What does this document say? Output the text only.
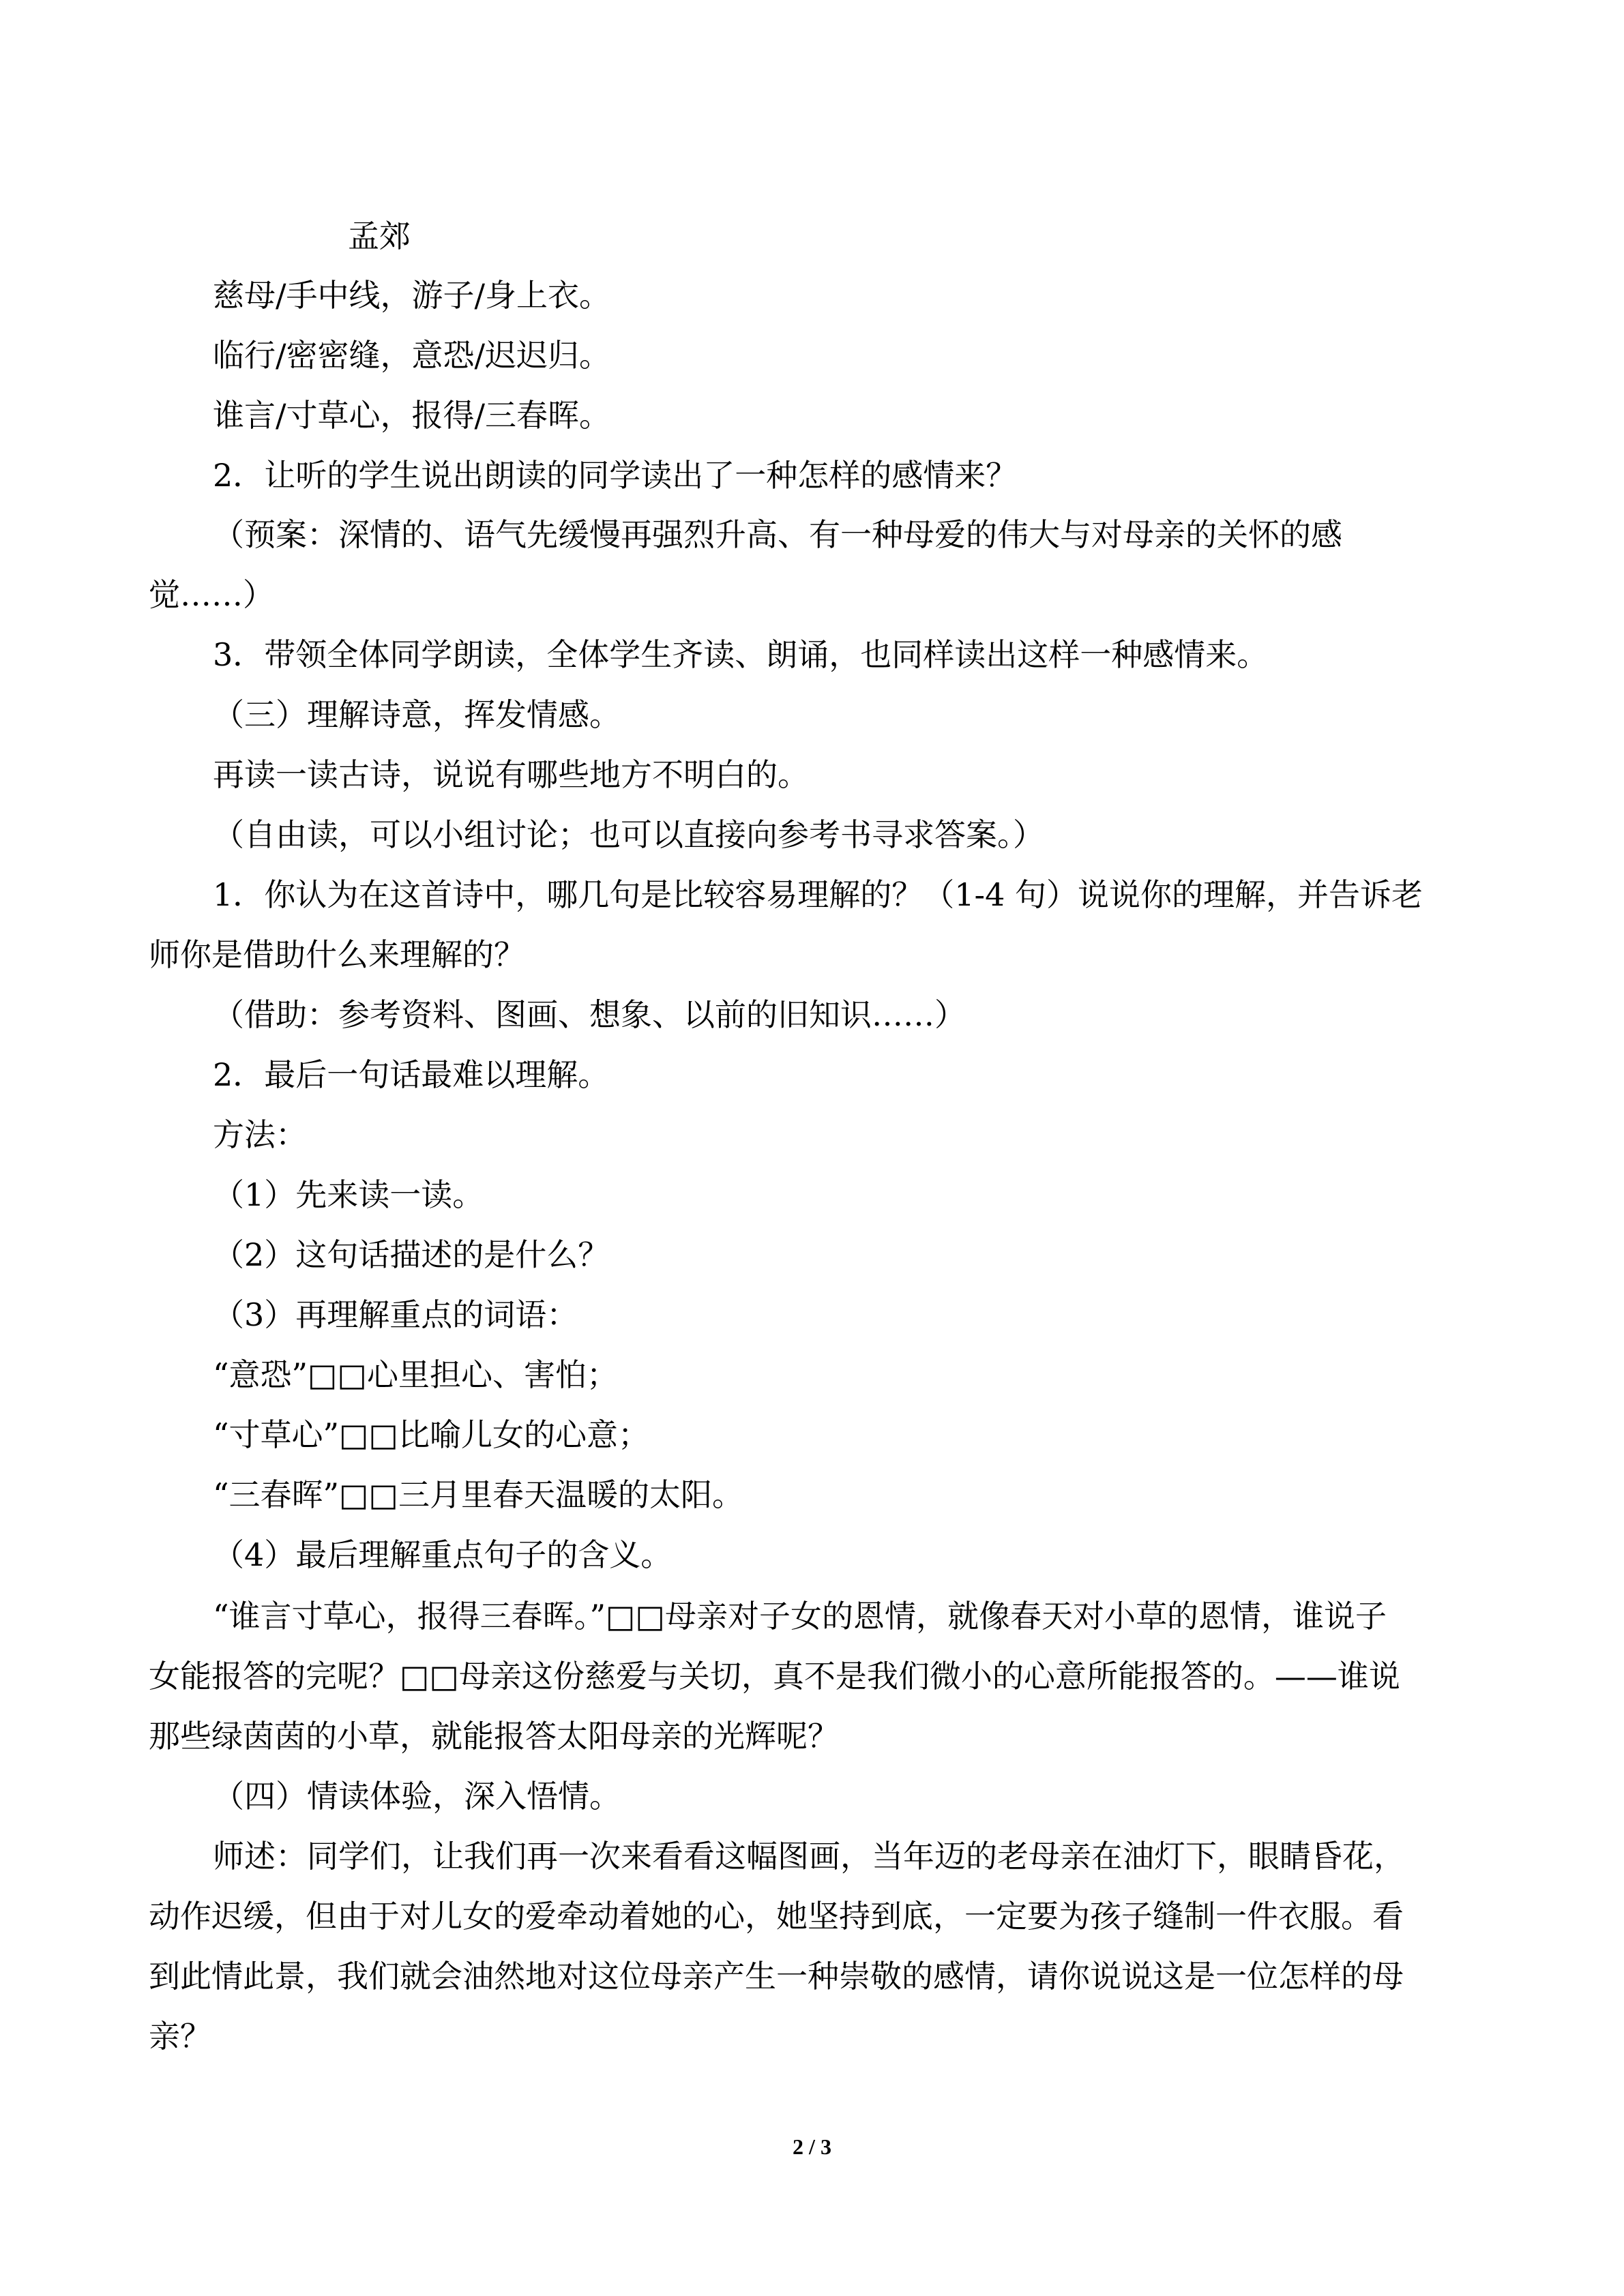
孟郊

慈母/手中线，游子/身上衣。

临行/密密缝，意恐/迟迟归。

谁言/寸草心，报得/三春晖。

2．让听的学生说出朗读的同学读出了一种怎样的感情来？

（预案：深情的、语气先缓慢再强烈升高、有一种母爱的伟大与对母亲的关怀的感

觉……）

3．带领全体同学朗读，全体学生齐读、朗诵，也同样读出这样一种感情来。

（三）理解诗意，挥发情感。

再读一读古诗，说说有哪些地方不明白的。

（自由读，可以小组讨论；也可以直接向参考书寻求答案。）

1．你认为在这首诗中，哪几句是比较容易理解的？（1-4 句）说说你的理解，并告诉老

师你是借助什么来理解的？

（借助：参考资料、图画、想象、以前的旧知识……）

2．最后一句话最难以理解。

方法：

（1）先来读一读。

（2）这句话描述的是什么？

（3）再理解重点的词语：

“意恐”□□心里担心、害怕；

“寸草心”□□比喻儿女的心意；

“三春晖”□□三月里春天温暖的太阳。

（4）最后理解重点句子的含义。

“谁言寸草心，报得三春晖。”□□母亲对子女的恩情，就像春天对小草的恩情，谁说子

女能报答的完呢？□□母亲这份慈爱与关切，真不是我们微小的心意所能报答的。——谁说

那些绿茵茵的小草，就能报答太阳母亲的光辉呢？

（四）情读体验，深入悟情。

师述：同学们，让我们再一次来看看这幅图画，当年迈的老母亲在油灯下，眼睛昏花，

动作迟缓，但由于对儿女的爱牵动着她的心，她坚持到底，一定要为孩子缝制一件衣服。看

到此情此景，我们就会油然地对这位母亲产生一种崇敬的感情，请你说说这是一位怎样的母

亲？

2 / 3
